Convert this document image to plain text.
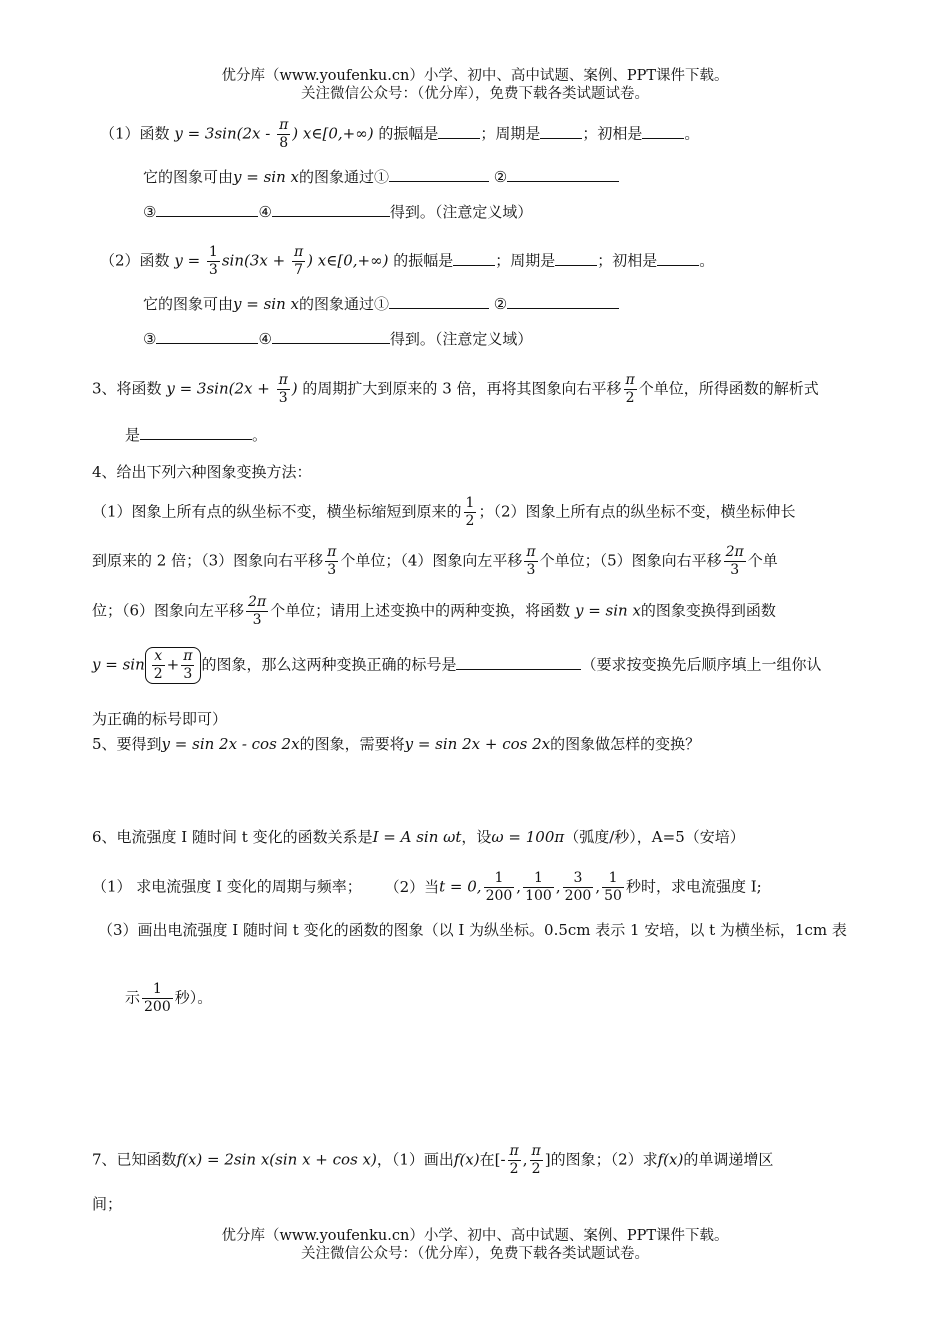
优分库（www.youfenku.cn）小学、初中、高中试题、案例、PPT课件下载。
关注微信公众号：（优分库），免费下载各类试题试卷。
（1）函数 $y = 3\sin(2x - \frac{\pi}{8}$ ) x∈[0,+∞) 的振幅是	；周期是	；初相是	。
它的图象可由y = sin x的图象通过①	②
③	④	得到。（注意定义域）
（2）函数 $y = \frac{1}{3} \sin(3x + \frac{\pi}{7}$ ) x∈[0,+∞) 的振幅是	；周期是	；初相是	。
它的图象可由y = sin x的图象通过①	②
③	④	得到。（注意定义域）
3、将函数 $y = 3\sin(2x + \frac{\pi}{3}$ ) 的周期扩大到原来的 3 倍，再将其图象向右平移 $\frac{\pi}{2}$ 个单位，所得函数的解析式
是	。
4、给出下列六种图象变换方法：
（1）图象上所有点的纵坐标不变，横坐标缩短到原来的 $\frac{1}{2}$ ；（2）图象上所有点的纵坐标不变，横坐标伸长
到原来的 2 倍；（3）图象向右平移 $\frac{\pi}{3}$ 个单位；（4）图象向左平移 $\frac{\pi}{3}$ 个单位；（5）图象向右平移 $\frac{2\pi}{3}$ 个单
位；（6）图象向左平移 $\frac{2\pi}{3}$ 个单位；请用上述变换中的两种变换，将函数 y = sin x的图象变换得到函数
$y = \sin \frac{x}{2} + \frac{\pi}{3}$ 的图象，那么这两种变换正确的标号是	（要求按变换先后顺序填上一组你认
为正确的标号即可）
5、要得到y = sin 2x - cos 2x的图象，需要将y = sin 2x + cos 2x的图象做怎样的变换？
6、电流强度 I 随时间 t 变化的函数关系是I = A sin ωt，设ω = 100π（弧度/秒），A=5（安培）
（1） 求电流强度 I 变化的周期与频率； （2）当t = 0, $\frac{1}{200}$ , $\frac{1}{100}$ , $\frac{3}{200}$ , $\frac{1}{50}$ 秒时，求电流强度 I;
（3）画出电流强度 I 随时间 t 变化的函数的图象（以 I 为纵坐标。0.5cm 表示 1 安培，以 t 为横坐标，1cm 表
示 $\frac{1}{200}$ 秒）。
7、已知函数f(x) = 2sin x(sin x + cos x)，（1）画出f(x)在[- $\frac{\pi}{2}$ , $\frac{\pi}{2}$ ]的图象；（2）求f(x)的单调递增区
间；
优分库（www.youfenku.cn）小学、初中、高中试题、案例、PPT课件下载。
关注微信公众号：（优分库），免费下载各类试题试卷。
